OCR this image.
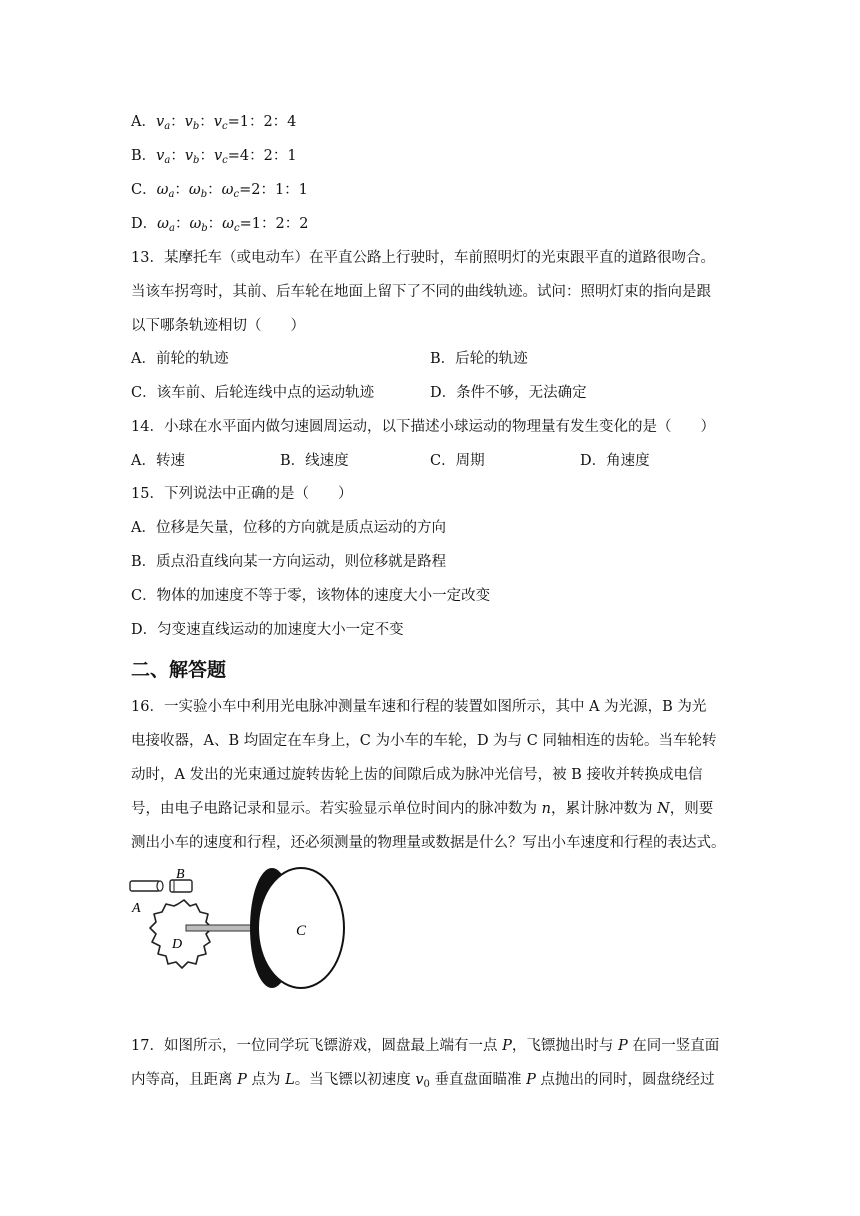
A．$v_a$：$v_b$：$v_c=1$：2：4
B．$v_a$：$v_b$：$v_c=4$：2：1
C．$\omega_a$：$\omega_b$：$\omega_c=2$：1：1
D．$\omega_a$：$\omega_b$：$\omega_c=1$：2：2
13．某摩托车（或电动车）在平直公路上行驶时，车前照明灯的光束跟平直的道路很吻合。
当该车拐弯时，其前、后车轮在地面上留下了不同的曲线轨迹。试问：照明灯束的指向是跟
以下哪条轨迹相切（　　）
A．前轮的轨迹	B．后轮的轨迹
C．该车前、后轮连线中点的运动轨迹	D．条件不够，无法确定
14．小球在水平面内做匀速圆周运动，以下描述小球运动的物理量有发生变化的是（　　）
A．转速	B．线速度	C．周期	D．角速度
15．下列说法中正确的是（　　）
A．位移是矢量，位移的方向就是质点运动的方向
B．质点沿直线向某一方向运动，则位移就是路程
C．物体的加速度不等于零，该物体的速度大小一定改变
D．匀变速直线运动的加速度大小一定不变
二、解答题
16．一实验小车中利用光电脉冲测量车速和行程的装置如图所示，其中 A 为光源，B 为光
电接收器，A、B 均固定在车身上，C 为小车的车轮，D 为与 C 同轴相连的齿轮。当车轮转
动时，A 发出的光束通过旋转齿轮上齿的间隙后成为脉冲光信号，被 B 接收并转换成电信
号，由电子电路记录和显示。若实验显示单位时间内的脉冲数为 n，累计脉冲数为 N，则要
测出小车的速度和行程，还必须测量的物理量或数据是什么？写出小车速度和行程的表达式。
A
B
C
D
17．如图所示，一位同学玩飞镖游戏，圆盘最上端有一点 P，飞镖抛出时与 P 在同一竖直面
内等高，且距离 P 点为 L。当飞镖以初速度 $v_0$ 垂直盘面瞄准 P 点抛出的同时，圆盘绕经过
